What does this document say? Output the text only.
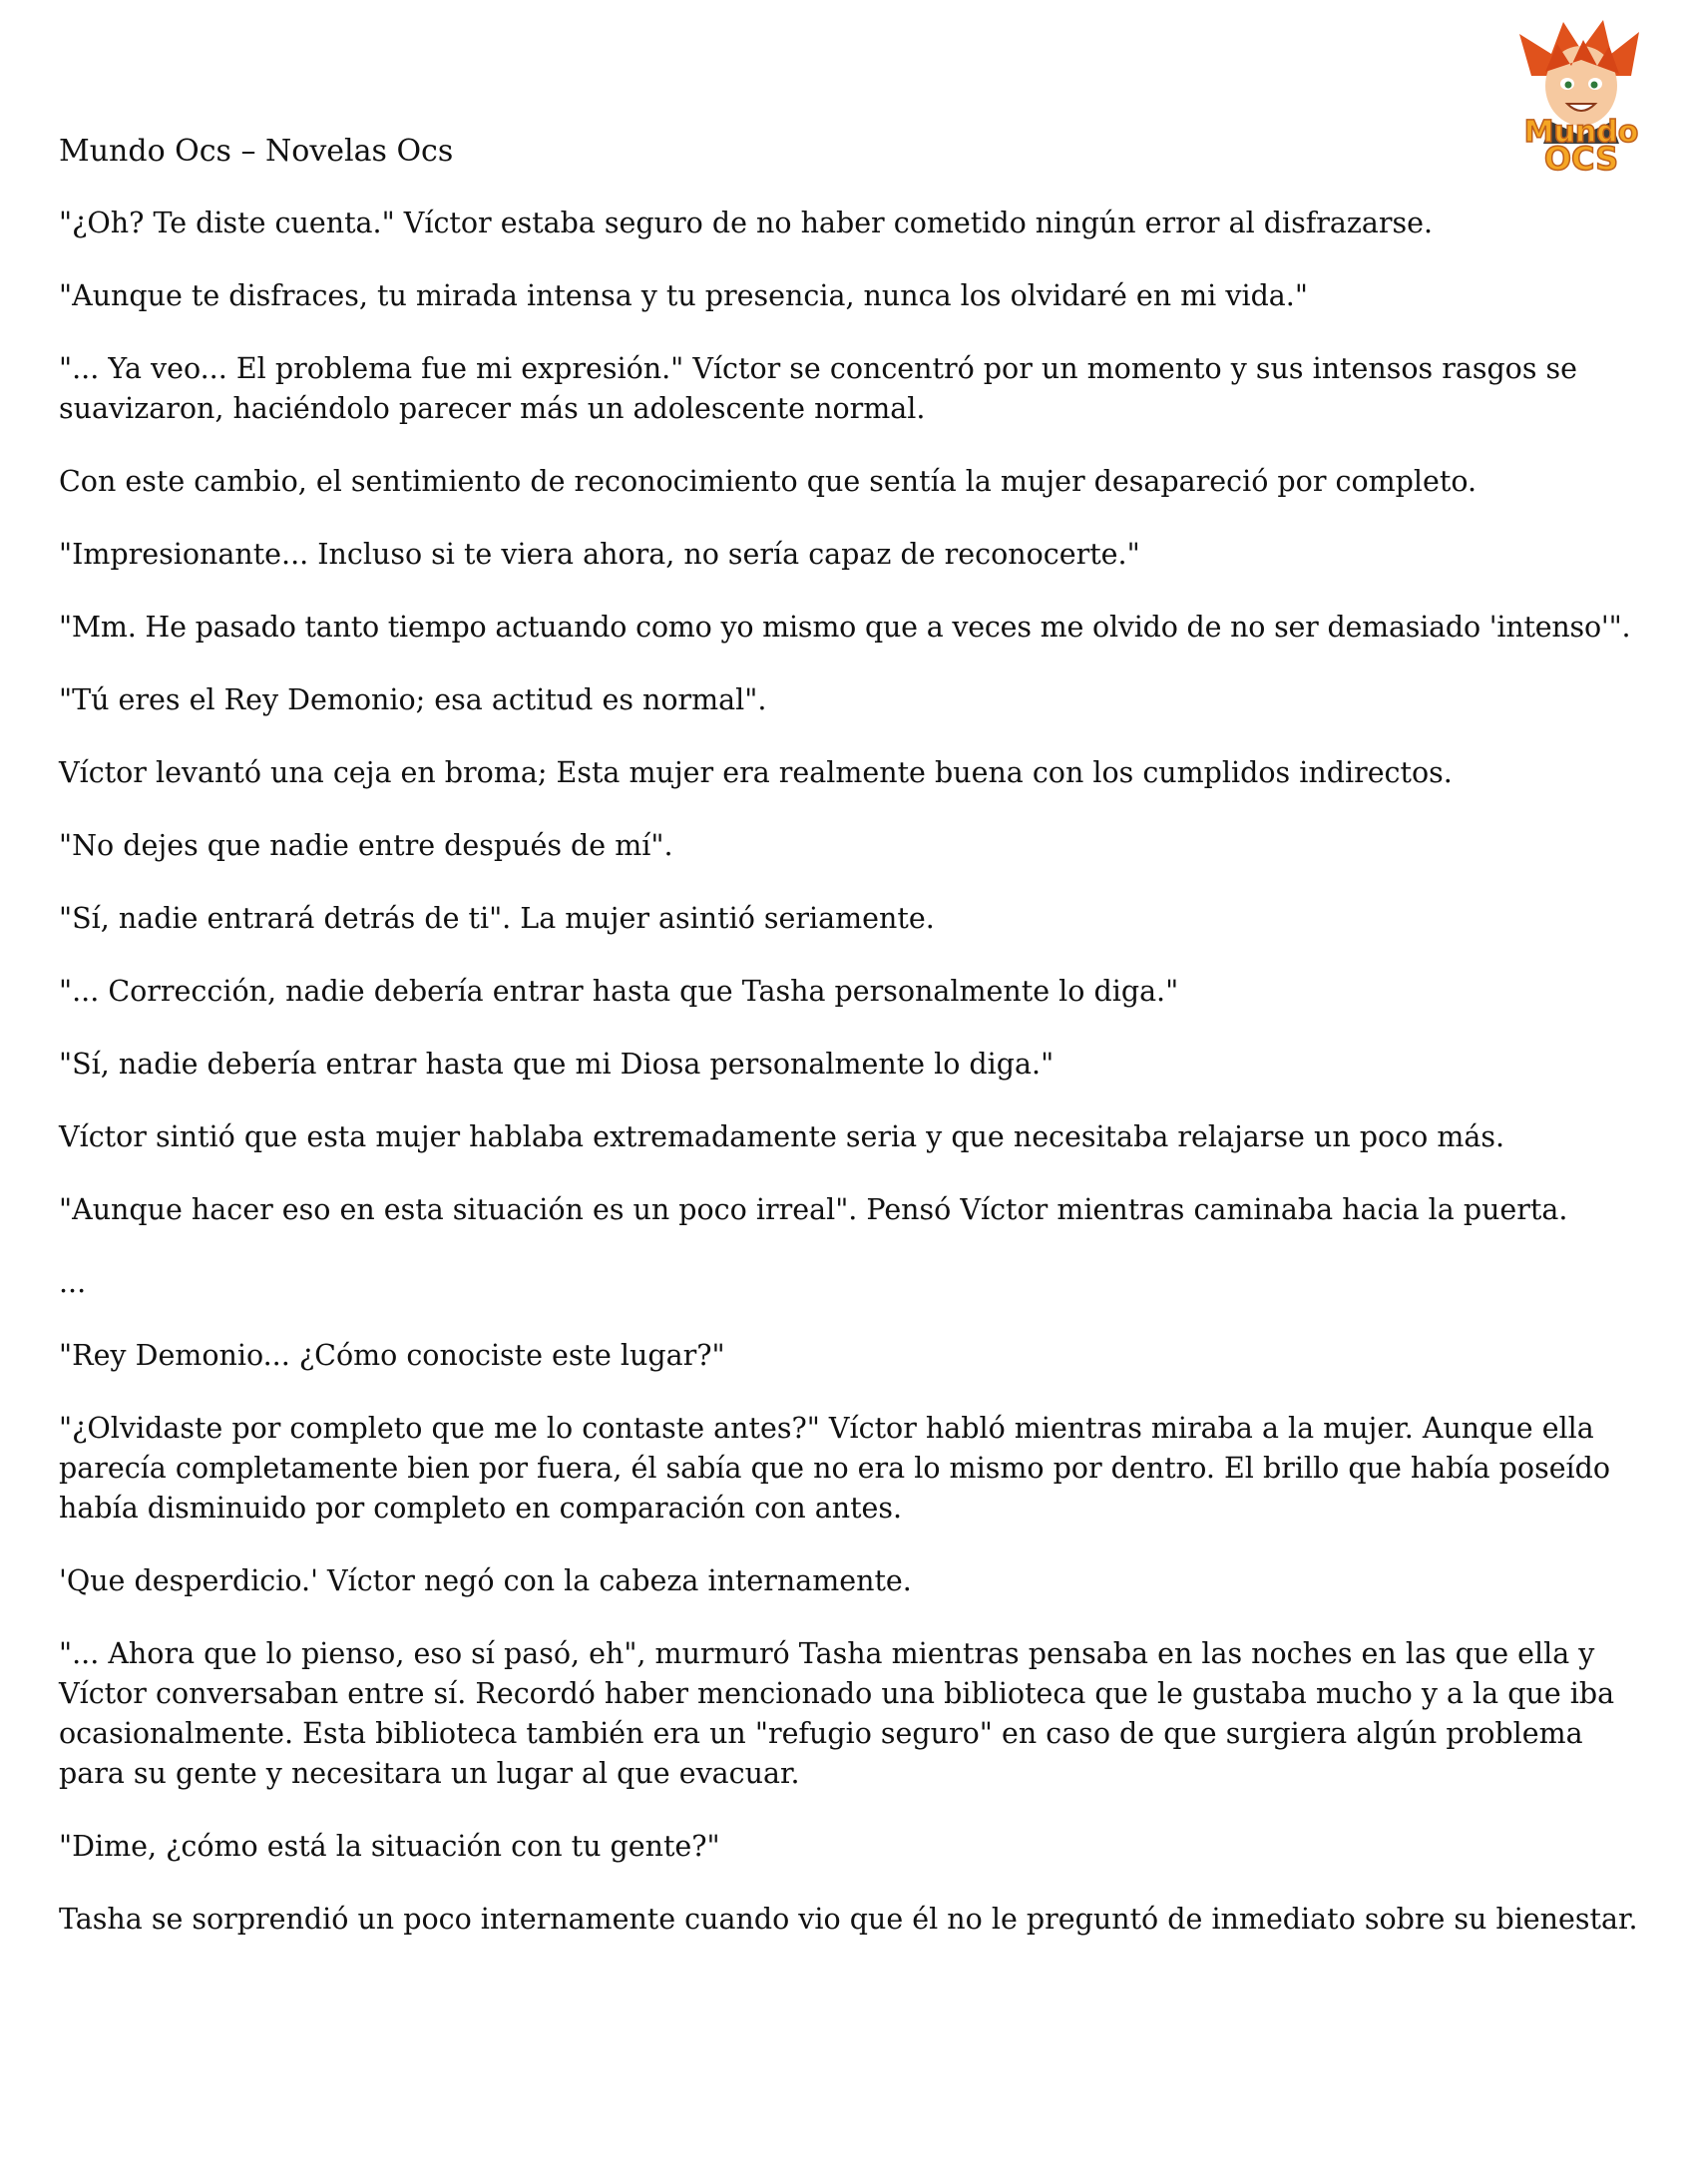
Mundo
OCS
Mundo Ocs – Novelas Ocs

"¿Oh? Te diste cuenta." Víctor estaba seguro de no haber cometido ningún error al disfrazarse.

"Aunque te disfraces, tu mirada intensa y tu presencia, nunca los olvidaré en mi vida."

"... Ya veo... El problema fue mi expresión." Víctor se concentró por un momento y sus intensos rasgos se suavizaron, haciéndolo parecer más un adolescente normal.

Con este cambio, el sentimiento de reconocimiento que sentía la mujer desapareció por completo.

"Impresionante... Incluso si te viera ahora, no sería capaz de reconocerte."

"Mm. He pasado tanto tiempo actuando como yo mismo que a veces me olvido de no ser demasiado 'intenso'".

"Tú eres el Rey Demonio; esa actitud es normal".

Víctor levantó una ceja en broma; Esta mujer era realmente buena con los cumplidos indirectos.

"No dejes que nadie entre después de mí".

"Sí, nadie entrará detrás de ti". La mujer asintió seriamente.

"... Corrección, nadie debería entrar hasta que Tasha personalmente lo diga."

"Sí, nadie debería entrar hasta que mi Diosa personalmente lo diga."

Víctor sintió que esta mujer hablaba extremadamente seria y que necesitaba relajarse un poco más.

"Aunque hacer eso en esta situación es un poco irreal". Pensó Víctor mientras caminaba hacia la puerta.

...

"Rey Demonio... ¿Cómo conociste este lugar?"

"¿Olvidaste por completo que me lo contaste antes?" Víctor habló mientras miraba a la mujer. Aunque ella parecía completamente bien por fuera, él sabía que no era lo mismo por dentro. El brillo que había poseído había disminuido por completo en comparación con antes.

'Que desperdicio.' Víctor negó con la cabeza internamente.

"... Ahora que lo pienso, eso sí pasó, eh", murmuró Tasha mientras pensaba en las noches en las que ella y Víctor conversaban entre sí. Recordó haber mencionado una biblioteca que le gustaba mucho y a la que iba ocasionalmente. Esta biblioteca también era un "refugio seguro" en caso de que surgiera algún problema para su gente y necesitara un lugar al que evacuar.

"Dime, ¿cómo está la situación con tu gente?"

Tasha se sorprendió un poco internamente cuando vio que él no le preguntó de inmediato sobre su bienestar.
